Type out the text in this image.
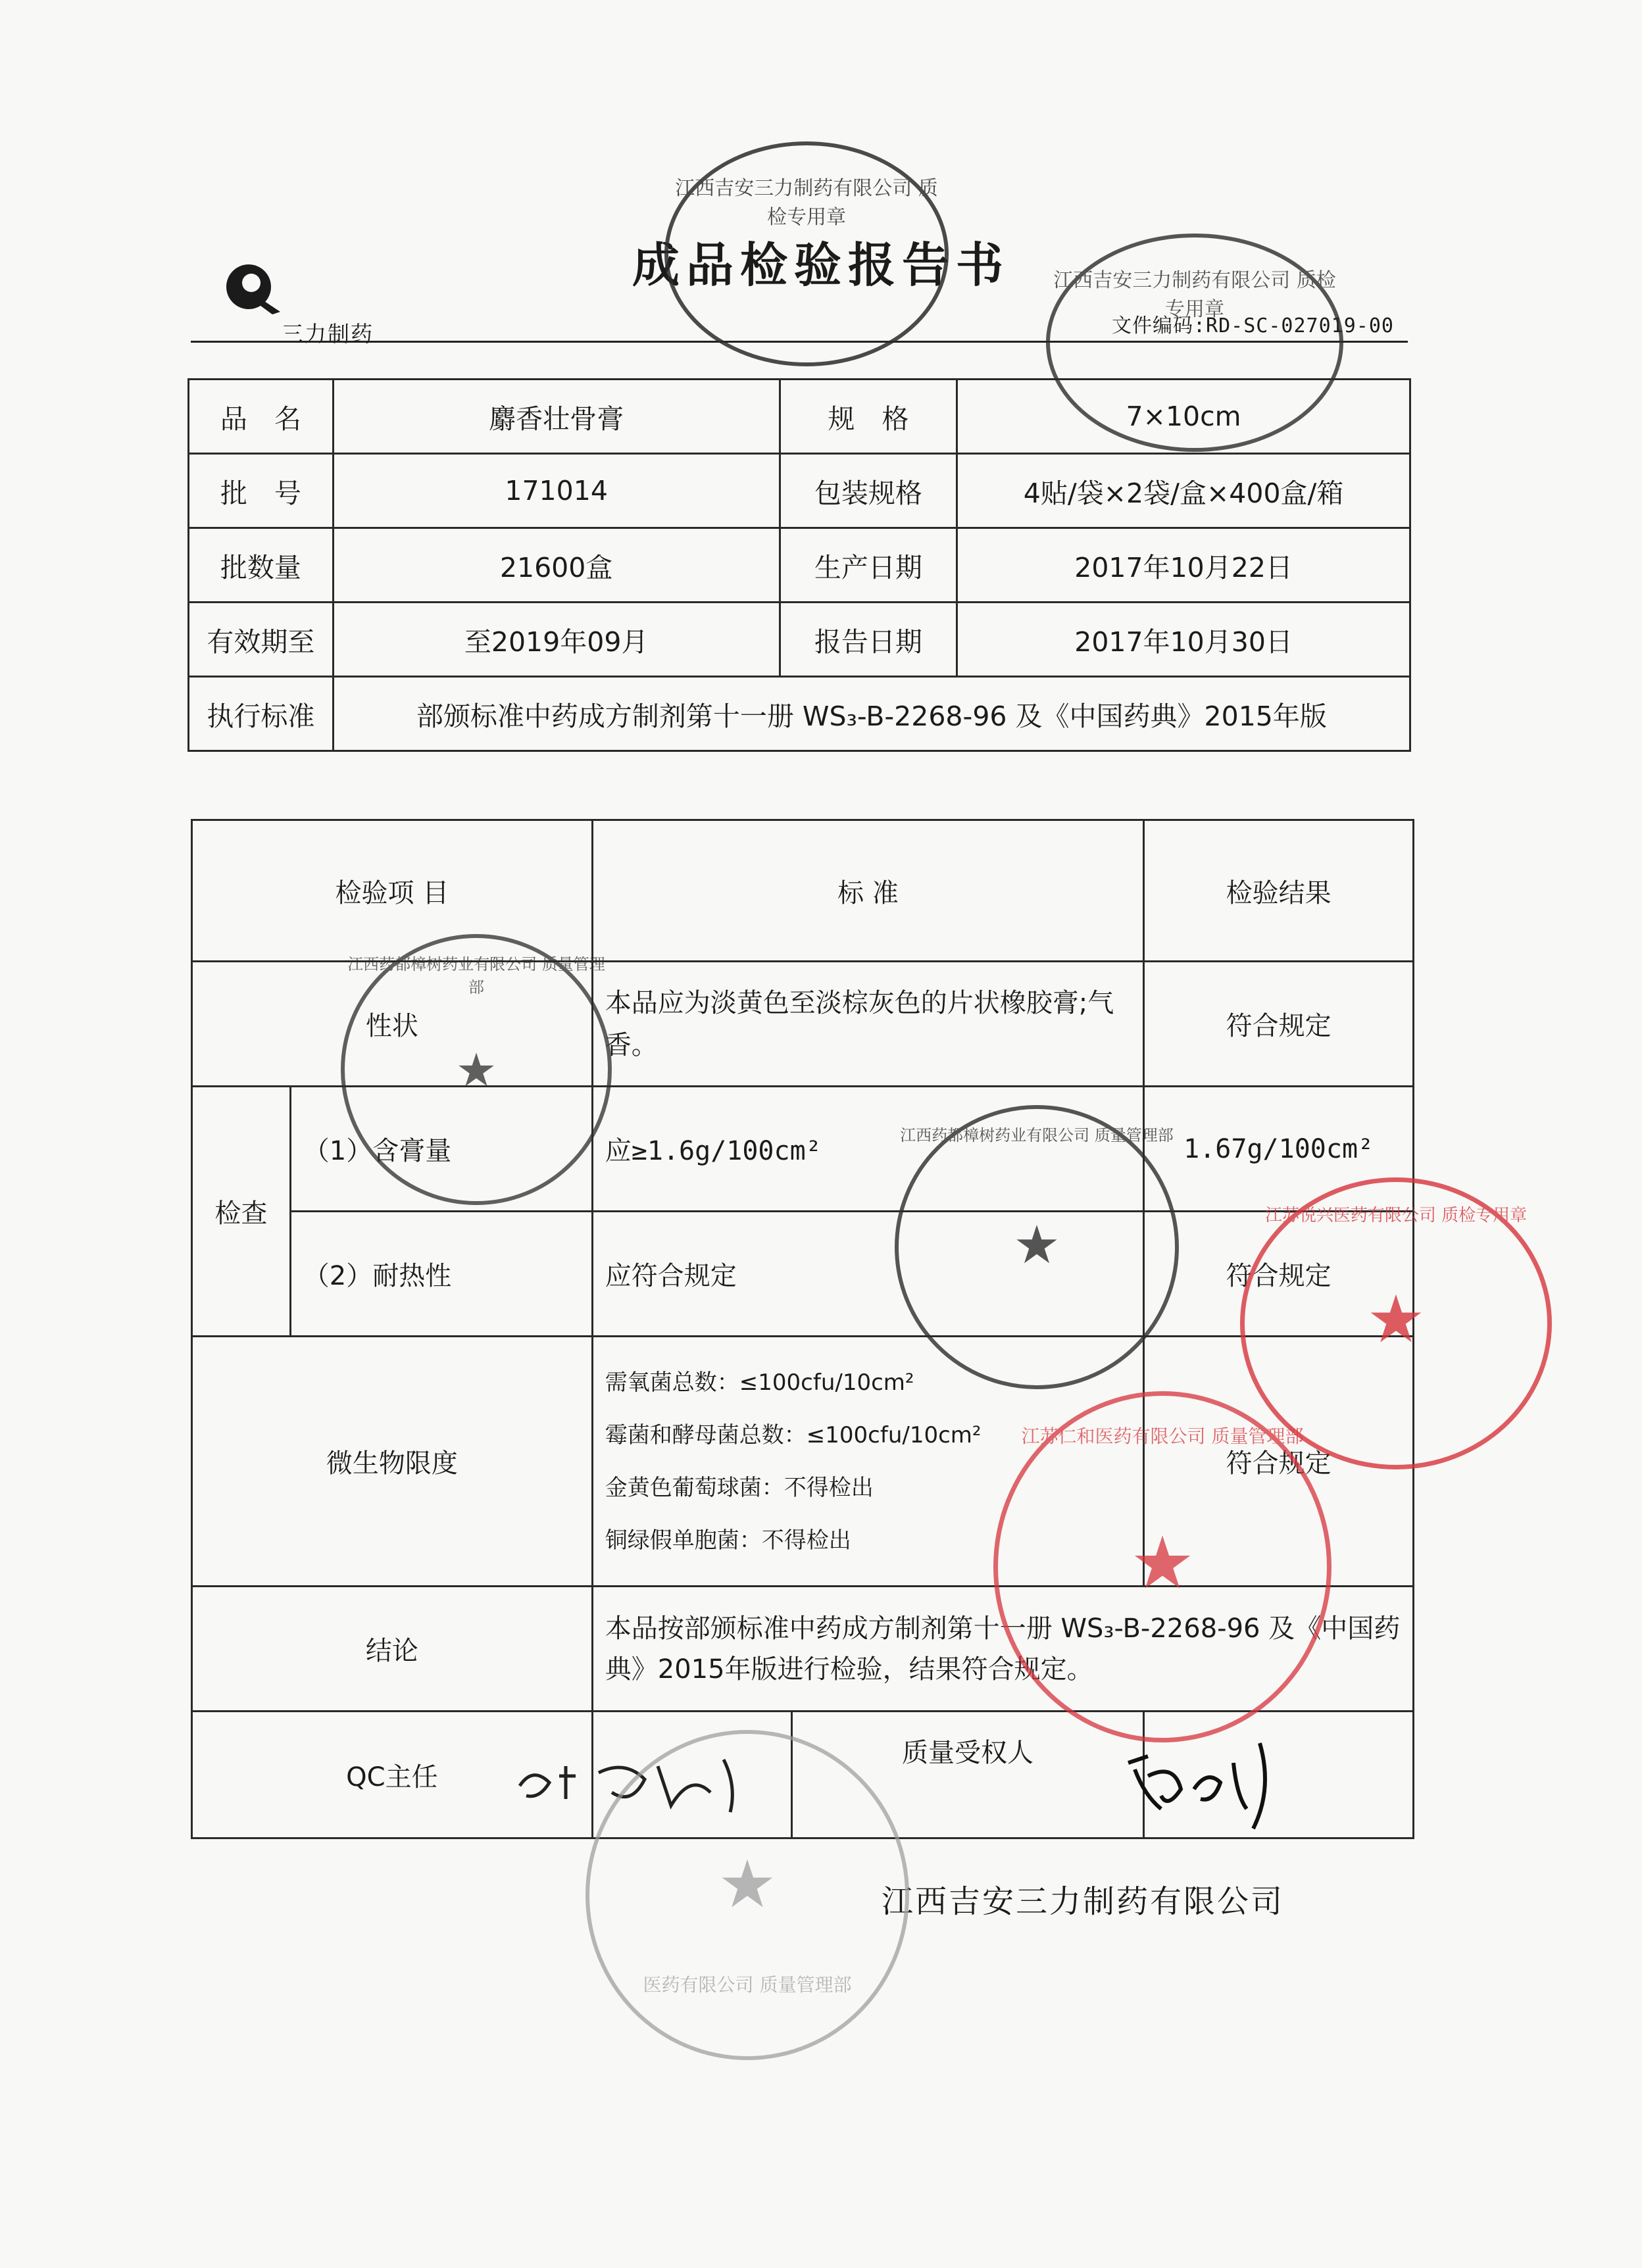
三力制药
成品检验报告书
文件编码:RD-SC-027019-00
品　名	麝香壮骨膏	规　格	7×10cm
批　号	171014	包装规格	4贴/袋×2袋/盒×400盒/箱
批数量	21600盒	生产日期	2017年10月22日
有效期至	至2019年09月	报告日期	2017年10月30日
执行标准	部颁标准中药成方制剂第十一册 WS₃-B-2268-96 及《中国药典》2015年版		
检验项 目		标 准	检验结果
性状		本品应为淡黄色至淡棕灰色的片状橡胶膏;气香。	符合规定
检查	（1）含膏量	应≥1.6g/100cm²	1.67g/100cm²
	（2）耐热性	应符合规定	符合规定
微生物限度		需氧菌总数：≤100cfu/10cm²
霉菌和酵母菌总数：≤100cfu/10cm²
金黄色葡萄球菌：不得检出
铜绿假单胞菌：不得检出	符合规定
结论		本品按部颁标准中药成方制剂第十一册 WS₃-B-2268-96 及《中国药典》2015年版进行检验，结果符合规定。	
QC主任		质量受权人	

江西吉安三力制药有限公司
江西吉安三力制药有限公司 质检专用章
江西吉安三力制药有限公司 质检专用章
★
江西药都樟树药业有限公司 质量管理部
★
江西药都樟树药业有限公司 质量管理部
★
江苏悦兴医药有限公司 质检专用章
★
江苏仁和医药有限公司 质量管理部
★
医药有限公司 质量管理部
